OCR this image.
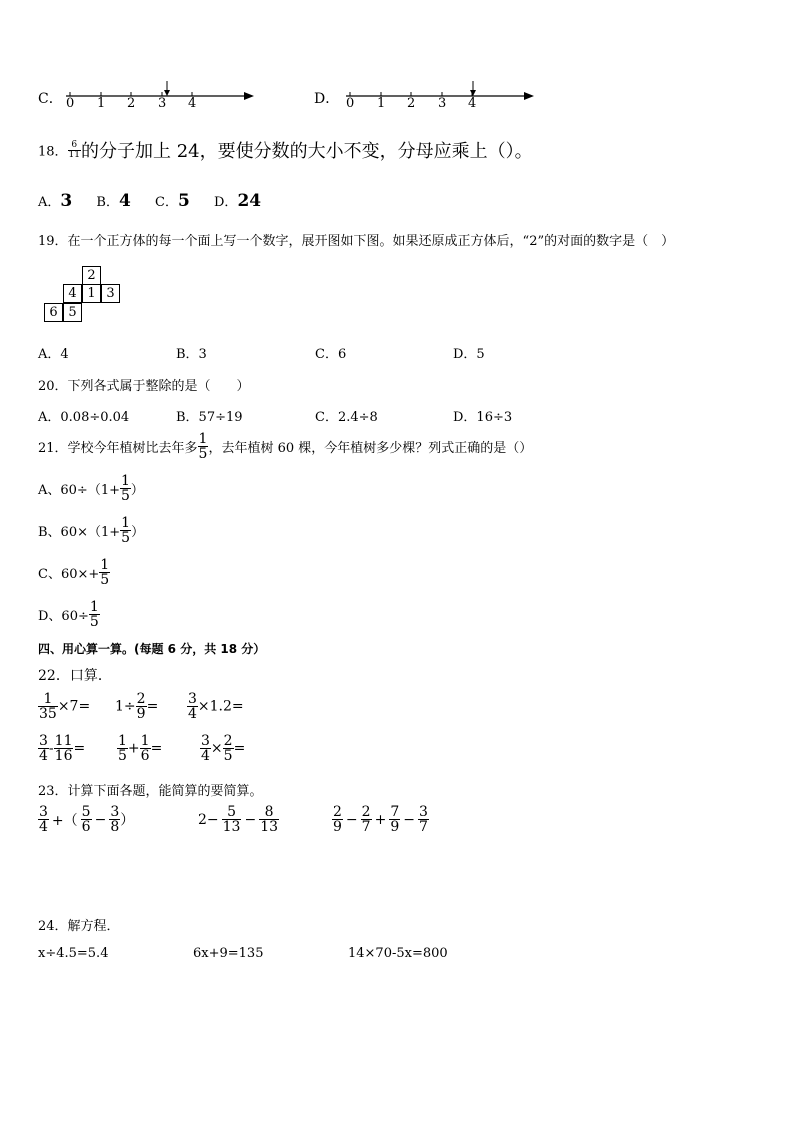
C． 0 1 2 3 4	D． 0 1 2 3 4
18． $\frac{6}{11}$ 的分子加上 24，要使分数的大小不变，分母应乘上（）。
A．3 B．4 C．5 D．24
19．在一个正方体的每一个面上写一个数字，展开图如下图。如果还原成正方体后，“2”的对面的数字是（　）
2
4 1 3
6 5
A．4	B．3	C．6	D．5
20．下列各式属于整除的是（　　）
A．0.08÷0.04	B．57÷19	C．2.4÷8	D．16÷3
21．学校今年植树比去年多 $\frac{1}{5}$ ，去年植树 60 棵，今年植树多少棵？列式正确的是（）
A、$60\div(1+ \frac{1}{5}$ ）
B、$60\times(1+ \frac{1}{5}$ ）
C、$60\times+ \frac{1}{5}$
D、$60\div \frac{1}{5}$
四、用心算一算。(每题 6 分，共 18 分）
22．口算．
$\frac{1}{35} \times 7= 1\div \frac{2}{9} = \frac{3}{4} \times 1.2=$
$\frac{3}{4} - \frac{11}{16} = \frac{1}{5} + \frac{1}{6}$ =	$\frac{3}{4} \times \frac{2}{5}$ =
23．计算下面各题，能简算的要简算。
$\frac{3}{4}$ +（ $\frac{5}{6} - \frac{3}{8}$ ）	$2- \frac{5}{13} - \frac{8}{13}$	$\frac{2}{9} - \frac{2}{7} + \frac{7}{9} - \frac{3}{7}$
24．解方程．
x÷4.5=5.4	6x+9=135	14×70-5x=800
